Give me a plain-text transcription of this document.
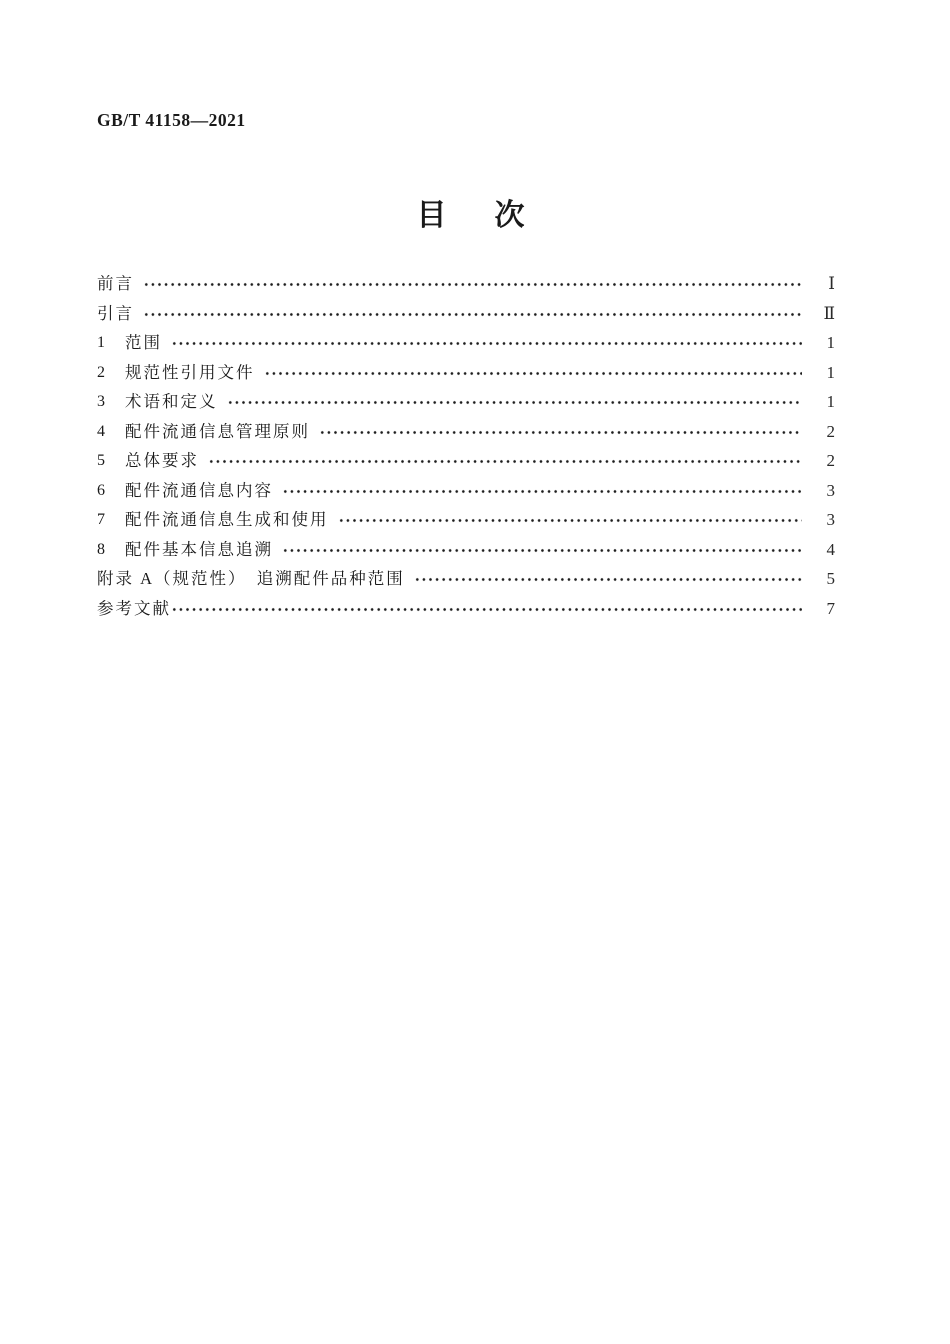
GB/T 41158—2021
目　次
前言	Ⅰ
引言	Ⅱ
1	范围	1
2	规范性引用文件	1
3	术语和定义	1
4	配件流通信息管理原则	2
5	总体要求	2
6	配件流通信息内容	3
7	配件流通信息生成和使用	3
8	配件基本信息追溯	4
附录 A（规范性）　追溯配件品种范围	5
参考文献	7
